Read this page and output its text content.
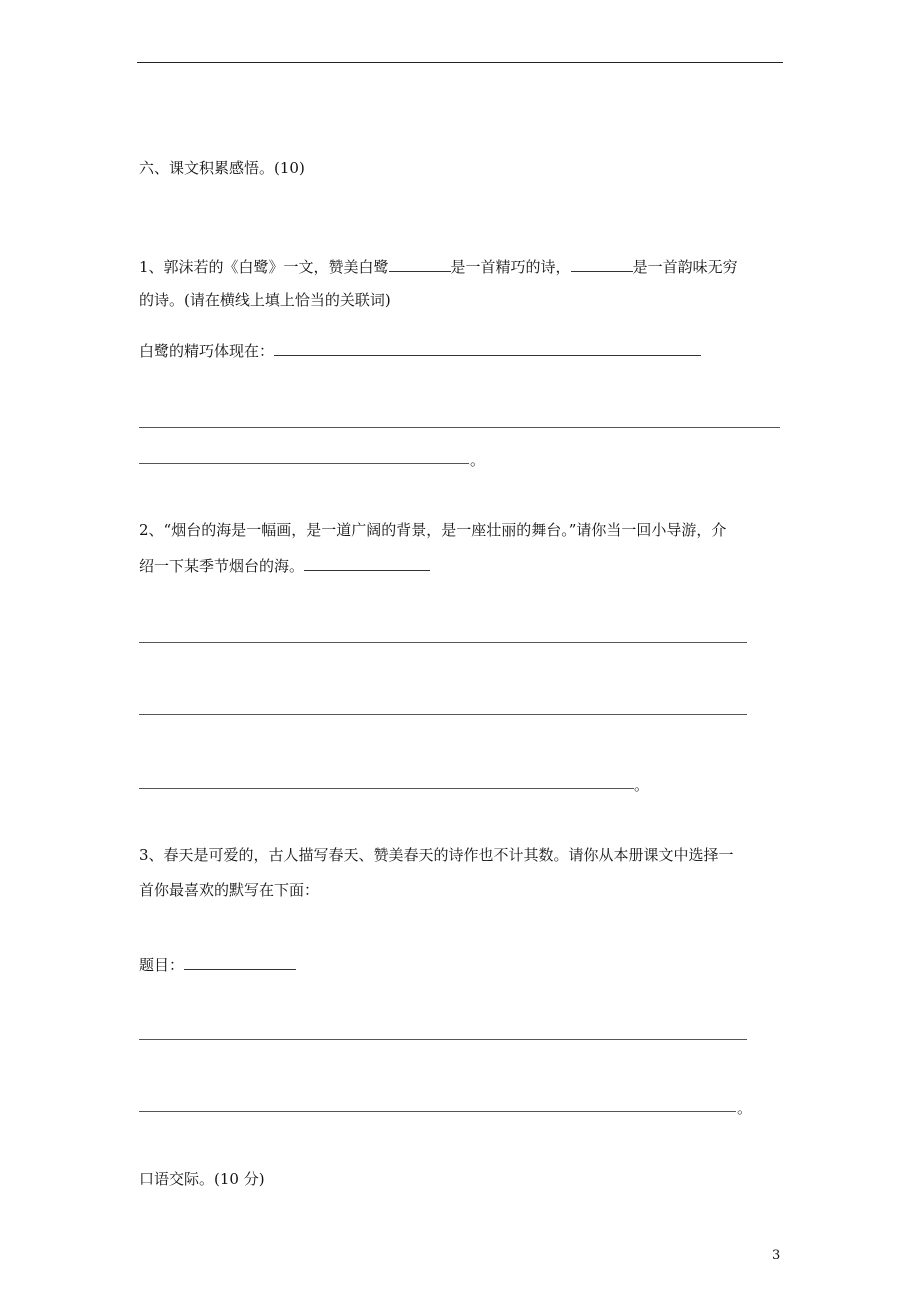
六、课文积累感悟。(10)
1、郭沫若的《白鹭》一文，赞美白鹭	是一首精巧的诗，	是一首韵味无穷
的诗。(请在横线上填上恰当的关联词)
白鹭的精巧体现在：
。
2、“烟台的海是一幅画，是一道广阔的背景，是一座壮丽的舞台。”请你当一回小导游，介
绍一下某季节烟台的海。
。
3、春天是可爱的，古人描写春天、赞美春天的诗作也不计其数。请你从本册课文中选择一
首你最喜欢的默写在下面：
题目：
。
口语交际。(10 分)
3
